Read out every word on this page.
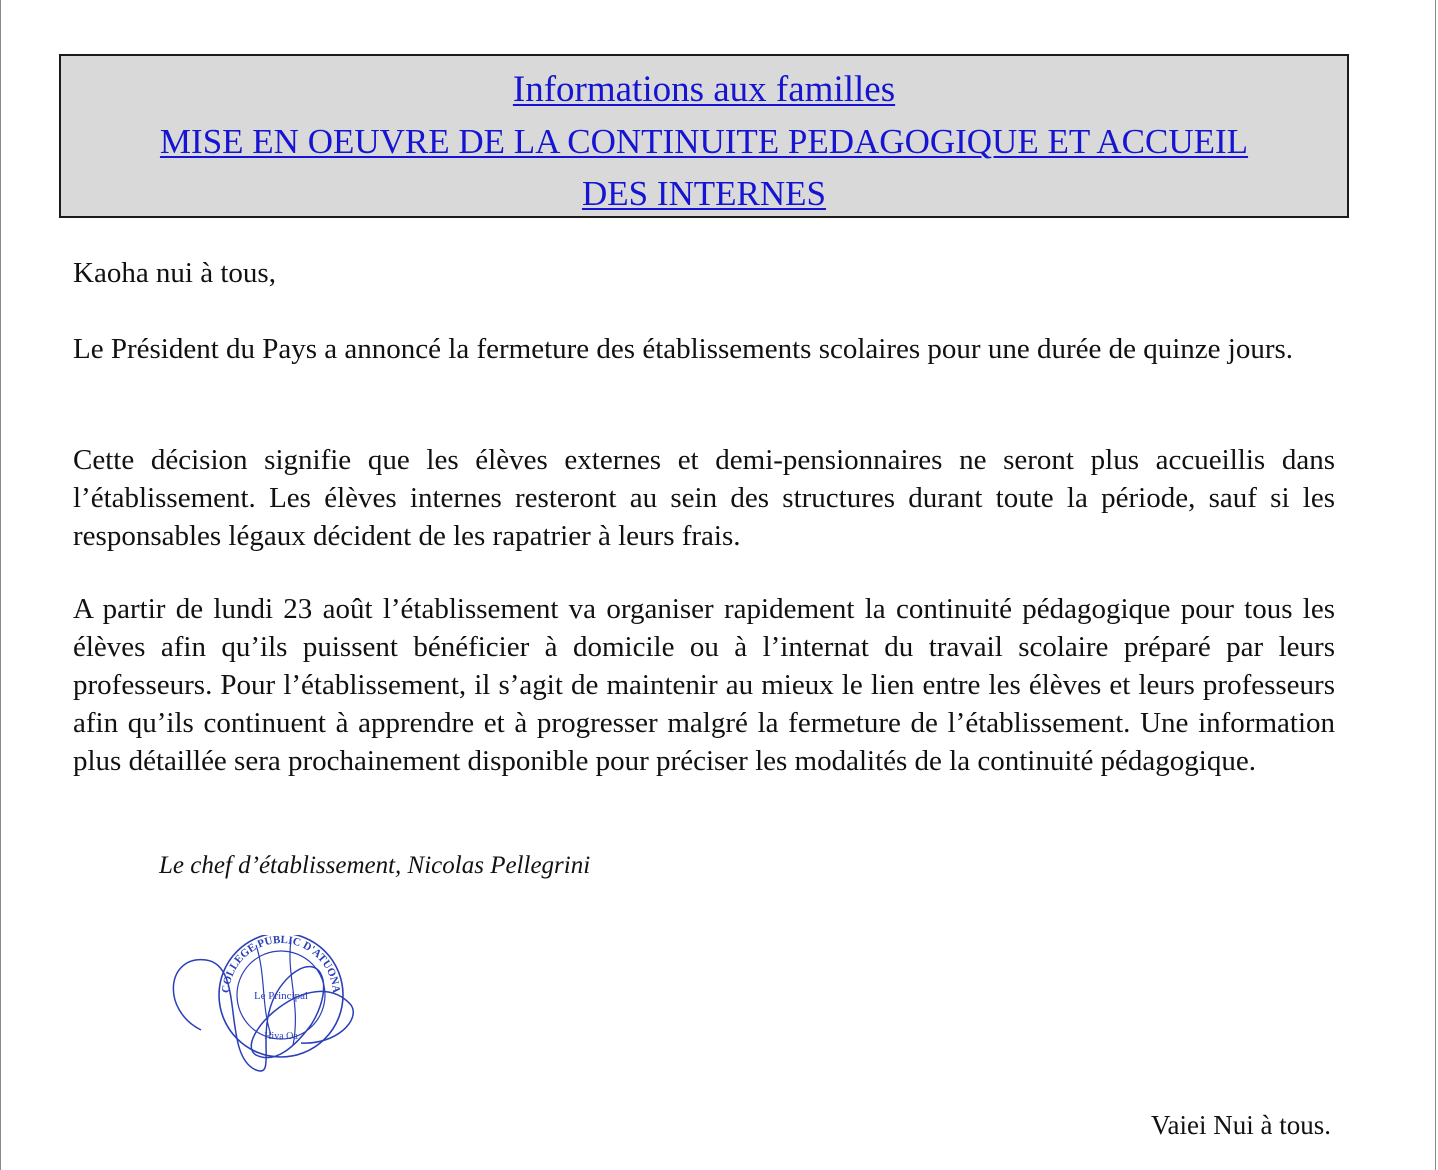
Informations aux familles
MISE EN OEUVRE DE LA CONTINUITE PEDAGOGIQUE ET ACCUEIL
DES INTERNES

Kaoha nui à tous,

Le Président du Pays a annoncé la fermeture des établissements scolaires pour une durée de quinze jours.

Cette décision signifie que les élèves externes et demi-pensionnaires ne seront plus accueillis dans l’établissement. Les élèves internes resteront au sein des structures durant toute la période, sauf si les responsables légaux décident de les rapatrier à leurs frais.

A partir de lundi 23 août l’établissement va organiser rapidement la continuité pédagogique pour tous les élèves afin qu’ils puissent bénéficier à domicile ou à l’internat du travail scolaire préparé par leurs professeurs. Pour l’établissement, il s’agit de maintenir au mieux le lien entre les élèves et leurs professeurs afin qu’ils continuent à apprendre et à progresser malgré la fermeture de l’établissement. Une information plus détaillée sera prochainement disponible pour préciser les modalités de la continuité pédagogique.

Le chef d’établissement, Nicolas Pellegrini

COLLEGE PUBLIC D'ATUONA
Le Principal
Hiva Oa

Vaiei Nui à tous.
